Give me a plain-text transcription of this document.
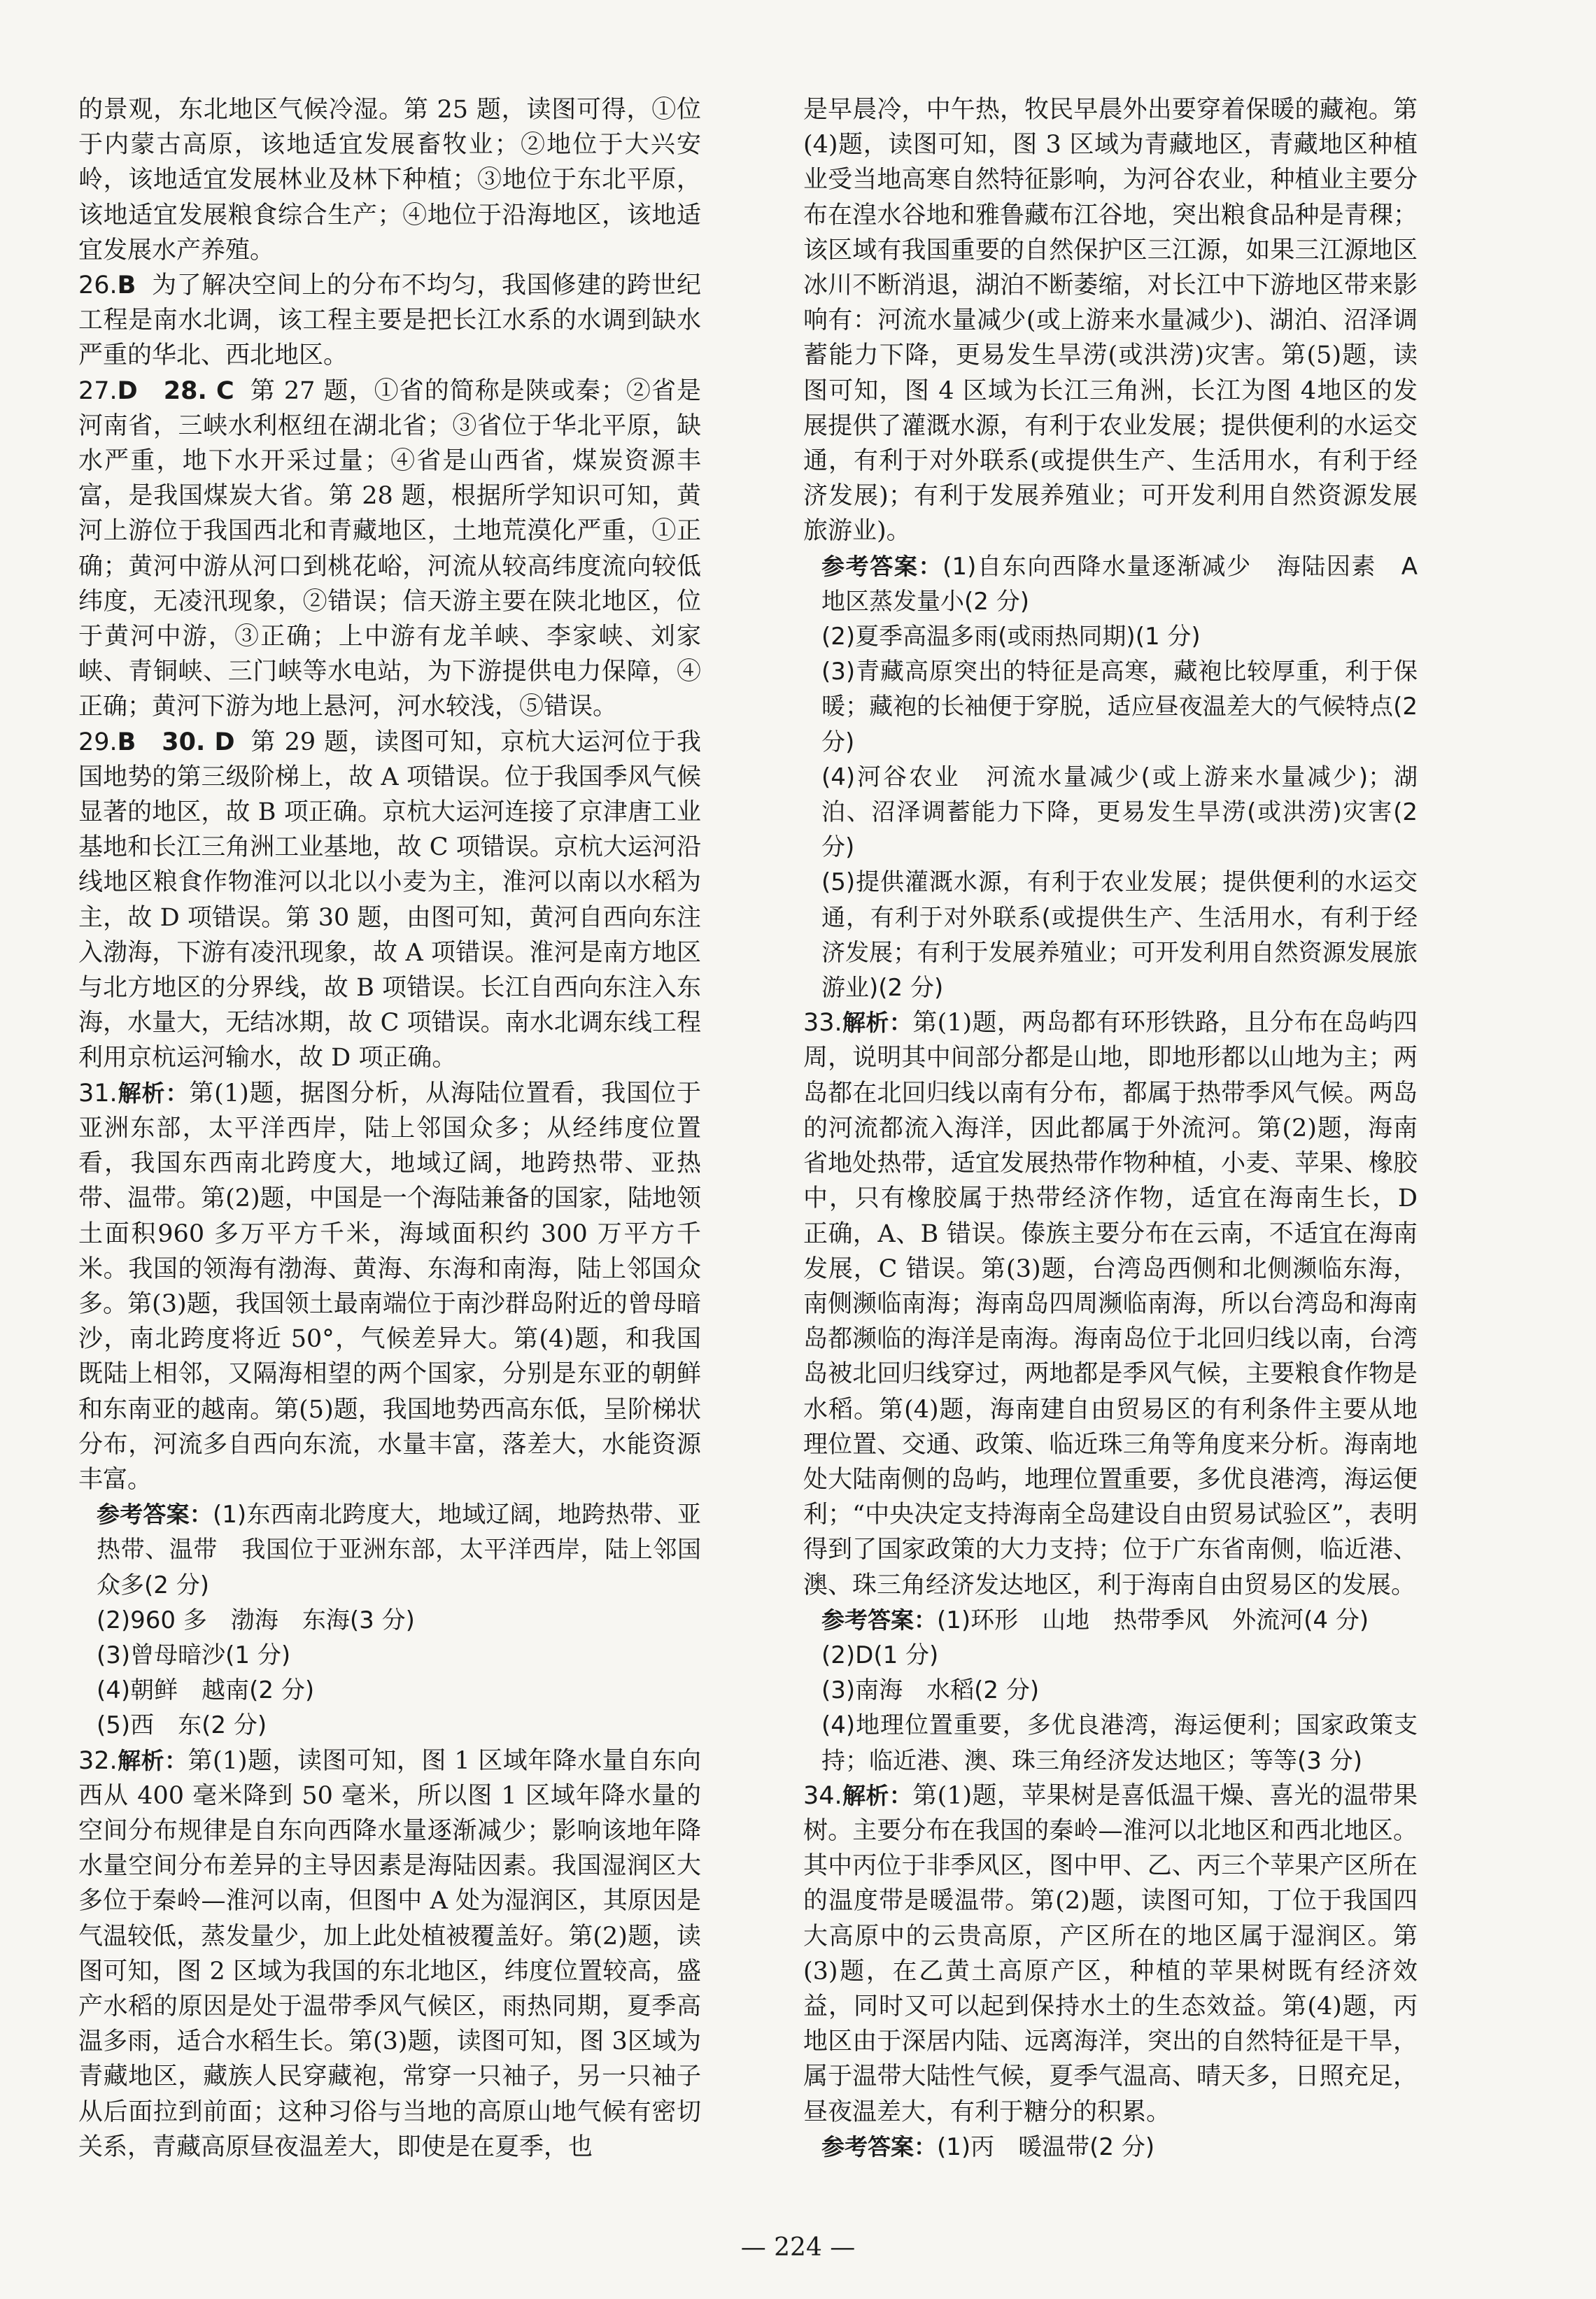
的景观，东北地区气候冷湿。第 25 题，读图可得，①位于内蒙古高原，该地适宜发展畜牧业；②地位于大兴安岭，该地适宜发展林业及林下种植；③地位于东北平原，该地适宜发展粮食综合生产；④地位于沿海地区，该地适宜发展水产养殖。

26.B 为了解决空间上的分布不均匀，我国修建的跨世纪工程是南水北调，该工程主要是把长江水系的水调到缺水严重的华北、西北地区。

27.D　28. C 第 27 题，①省的简称是陕或秦；②省是河南省，三峡水利枢纽在湖北省；③省位于华北平原，缺水严重，地下水开采过量；④省是山西省，煤炭资源丰富，是我国煤炭大省。第 28 题，根据所学知识可知，黄河上游位于我国西北和青藏地区，土地荒漠化严重，①正确；黄河中游从河口到桃花峪，河流从较高纬度流向较低纬度，无凌汛现象，②错误；信天游主要在陕北地区，位于黄河中游，③正确；上中游有龙羊峡、李家峡、刘家峡、青铜峡、三门峡等水电站，为下游提供电力保障，④正确；黄河下游为地上悬河，河水较浅，⑤错误。

29.B　30. D 第 29 题，读图可知，京杭大运河位于我国地势的第三级阶梯上，故 A 项错误。位于我国季风气候显著的地区，故 B 项正确。京杭大运河连接了京津唐工业基地和长江三角洲工业基地，故 C 项错误。京杭大运河沿线地区粮食作物淮河以北以小麦为主，淮河以南以水稻为主，故 D 项错误。第 30 题，由图可知，黄河自西向东注入渤海，下游有凌汛现象，故 A 项错误。淮河是南方地区与北方地区的分界线，故 B 项错误。长江自西向东注入东海，水量大，无结冰期，故 C 项错误。南水北调东线工程利用京杭运河输水，故 D 项正确。

31.解析：第(1)题，据图分析，从海陆位置看，我国位于亚洲东部，太平洋西岸，陆上邻国众多；从经纬度位置看，我国东西南北跨度大，地域辽阔，地跨热带、亚热带、温带。第(2)题，中国是一个海陆兼备的国家，陆地领土面积960 多万平方千米，海域面积约 300 万平方千米。我国的领海有渤海、黄海、东海和南海，陆上邻国众多。第(3)题，我国领土最南端位于南沙群岛附近的曾母暗沙，南北跨度将近 50°，气候差异大。第(4)题，和我国既陆上相邻，又隔海相望的两个国家，分别是东亚的朝鲜和东南亚的越南。第(5)题，我国地势西高东低，呈阶梯状分布，河流多自西向东流，水量丰富，落差大，水能资源丰富。

参考答案：(1)东西南北跨度大，地域辽阔，地跨热带、亚热带、温带　我国位于亚洲东部，太平洋西岸，陆上邻国众多(2 分)

(2)960 多　渤海　东海(3 分)

(3)曾母暗沙(1 分)

(4)朝鲜　越南(2 分)

(5)西　东(2 分)

32.解析：第(1)题，读图可知，图 1 区域年降水量自东向西从 400 毫米降到 50 毫米，所以图 1 区域年降水量的空间分布规律是自东向西降水量逐渐减少；影响该地年降水量空间分布差异的主导因素是海陆因素。我国湿润区大多位于秦岭—淮河以南，但图中 A 处为湿润区，其原因是气温较低，蒸发量少，加上此处植被覆盖好。第(2)题，读图可知，图 2 区域为我国的东北地区，纬度位置较高，盛产水稻的原因是处于温带季风气候区，雨热同期，夏季高温多雨，适合水稻生长。第(3)题，读图可知，图 3区域为青藏地区，藏族人民穿藏袍，常穿一只袖子，另一只袖子从后面拉到前面；这种习俗与当地的高原山地气候有密切关系，青藏高原昼夜温差大，即使是在夏季，也

是早晨冷，中午热，牧民早晨外出要穿着保暖的藏袍。第(4)题，读图可知，图 3 区域为青藏地区，青藏地区种植业受当地高寒自然特征影响，为河谷农业，种植业主要分布在湟水谷地和雅鲁藏布江谷地，突出粮食品种是青稞；该区域有我国重要的自然保护区三江源，如果三江源地区冰川不断消退，湖泊不断萎缩，对长江中下游地区带来影响有：河流水量减少(或上游来水量减少)、湖泊、沼泽调蓄能力下降，更易发生旱涝(或洪涝)灾害。第(5)题，读图可知，图 4 区域为长江三角洲，长江为图 4地区的发展提供了灌溉水源，有利于农业发展；提供便利的水运交通，有利于对外联系(或提供生产、生活用水，有利于经济发展)；有利于发展养殖业；可开发利用自然资源发展旅游业)。

参考答案：(1)自东向西降水量逐渐减少　海陆因素　A 地区蒸发量小(2 分)

(2)夏季高温多雨(或雨热同期)(1 分)

(3)青藏高原突出的特征是高寒，藏袍比较厚重，利于保暖；藏袍的长袖便于穿脱，适应昼夜温差大的气候特点(2 分)

(4)河谷农业　河流水量减少(或上游来水量减少)；湖泊、沼泽调蓄能力下降，更易发生旱涝(或洪涝)灾害(2 分)

(5)提供灌溉水源，有利于农业发展；提供便利的水运交通，有利于对外联系(或提供生产、生活用水，有利于经济发展；有利于发展养殖业；可开发利用自然资源发展旅游业)(2 分)

33.解析：第(1)题，两岛都有环形铁路，且分布在岛屿四周，说明其中间部分都是山地，即地形都以山地为主；两岛都在北回归线以南有分布，都属于热带季风气候。两岛的河流都流入海洋，因此都属于外流河。第(2)题，海南省地处热带，适宜发展热带作物种植，小麦、苹果、橡胶中，只有橡胶属于热带经济作物，适宜在海南生长，D 正确，A、B 错误。傣族主要分布在云南，不适宜在海南发展，C 错误。第(3)题，台湾岛西侧和北侧濒临东海，南侧濒临南海；海南岛四周濒临南海，所以台湾岛和海南岛都濒临的海洋是南海。海南岛位于北回归线以南，台湾岛被北回归线穿过，两地都是季风气候，主要粮食作物是水稻。第(4)题，海南建自由贸易区的有利条件主要从地理位置、交通、政策、临近珠三角等角度来分析。海南地处大陆南侧的岛屿，地理位置重要，多优良港湾，海运便利；“中央决定支持海南全岛建设自由贸易试验区”，表明得到了国家政策的大力支持；位于广东省南侧，临近港、澳、珠三角经济发达地区，利于海南自由贸易区的发展。

参考答案：(1)环形　山地　热带季风　外流河(4 分)

(2)D(1 分)

(3)南海　水稻(2 分)

(4)地理位置重要，多优良港湾，海运便利；国家政策支持；临近港、澳、珠三角经济发达地区；等等(3 分)

34.解析：第(1)题，苹果树是喜低温干燥、喜光的温带果树。主要分布在我国的秦岭—淮河以北地区和西北地区。其中丙位于非季风区，图中甲、乙、丙三个苹果产区所在的温度带是暖温带。第(2)题，读图可知，丁位于我国四大高原中的云贵高原，产区所在的地区属于湿润区。第(3)题，在乙黄土高原产区，种植的苹果树既有经济效益，同时又可以起到保持水土的生态效益。第(4)题，丙地区由于深居内陆、远离海洋，突出的自然特征是干旱，属于温带大陆性气候，夏季气温高、晴天多，日照充足，昼夜温差大，有利于糖分的积累。

参考答案：(1)丙　暖温带(2 分)

— 224 —
